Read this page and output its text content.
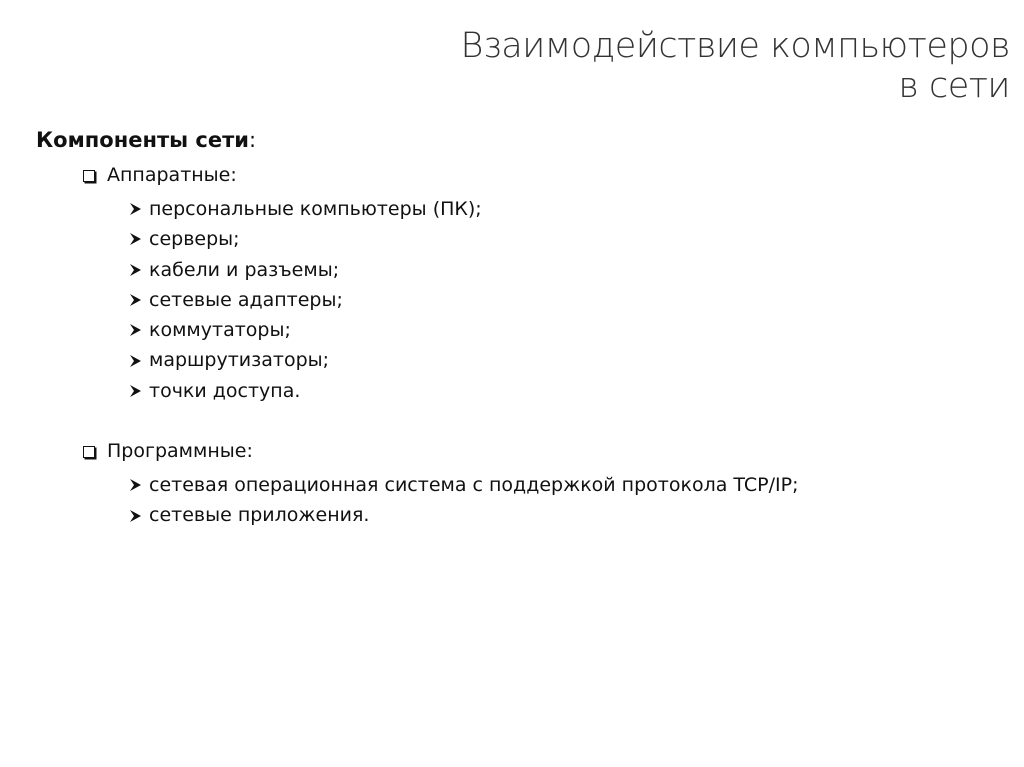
Взаимодействие компьютеров
в сети
Компоненты сети:
Аппаратные:
персональные компьютеры (ПК);
серверы;
кабели и разъемы;
сетевые адаптеры;
коммутаторы;
маршрутизаторы;
точки доступа.
Программные:
сетевая операционная система с поддержкой протокола TCP/IP;
сетевые приложения.
